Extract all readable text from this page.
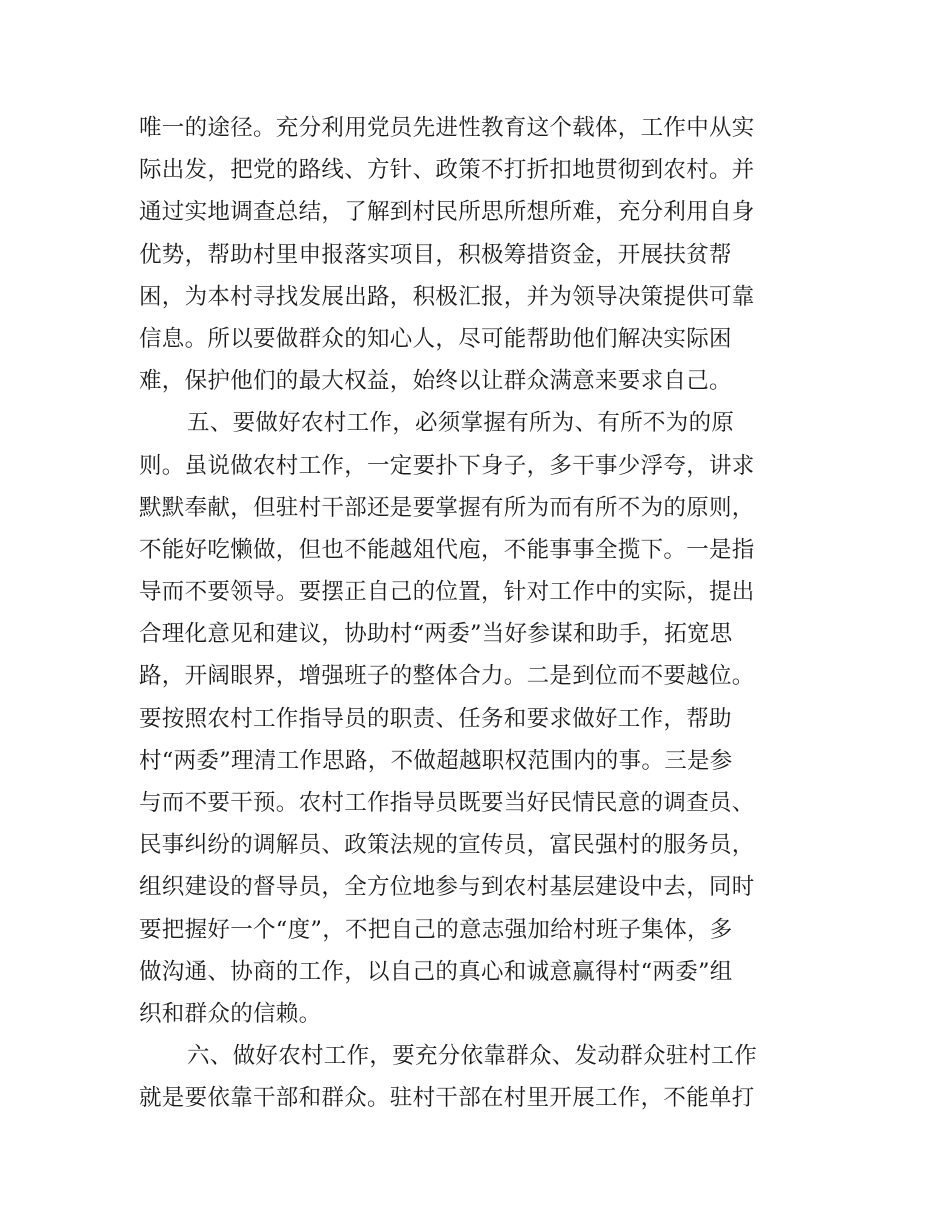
唯一的途径。充分利用党员先进性教育这个载体，工作中从实
际出发，把党的路线、方针、政策不打折扣地贯彻到农村。并
通过实地调查总结，了解到村民所思所想所难，充分利用自身
优势，帮助村里申报落实项目，积极筹措资金，开展扶贫帮
困，为本村寻找发展出路，积极汇报，并为领导决策提供可靠
信息。所以要做群众的知心人，尽可能帮助他们解决实际困
难，保护他们的最大权益，始终以让群众满意来要求自己。
五、要做好农村工作，必须掌握有所为、有所不为的原
则。虽说做农村工作，一定要扑下身子，多干事少浮夸，讲求
默默奉献，但驻村干部还是要掌握有所为而有所不为的原则，
不能好吃懒做，但也不能越俎代庖，不能事事全揽下。一是指
导而不要领导。要摆正自己的位置，针对工作中的实际，提出
合理化意见和建议，协助村“两委”当好参谋和助手，拓宽思
路，开阔眼界，增强班子的整体合力。二是到位而不要越位。
要按照农村工作指导员的职责、任务和要求做好工作，帮助
村“两委”理清工作思路，不做超越职权范围内的事。三是参
与而不要干预。农村工作指导员既要当好民情民意的调查员、
民事纠纷的调解员、政策法规的宣传员，富民强村的服务员，
组织建设的督导员，全方位地参与到农村基层建设中去，同时
要把握好一个“度”，不把自己的意志强加给村班子集体，多
做沟通、协商的工作，以自己的真心和诚意赢得村“两委”组
织和群众的信赖。
六、做好农村工作，要充分依靠群众、发动群众驻村工作
就是要依靠干部和群众。驻村干部在村里开展工作，不能单打
